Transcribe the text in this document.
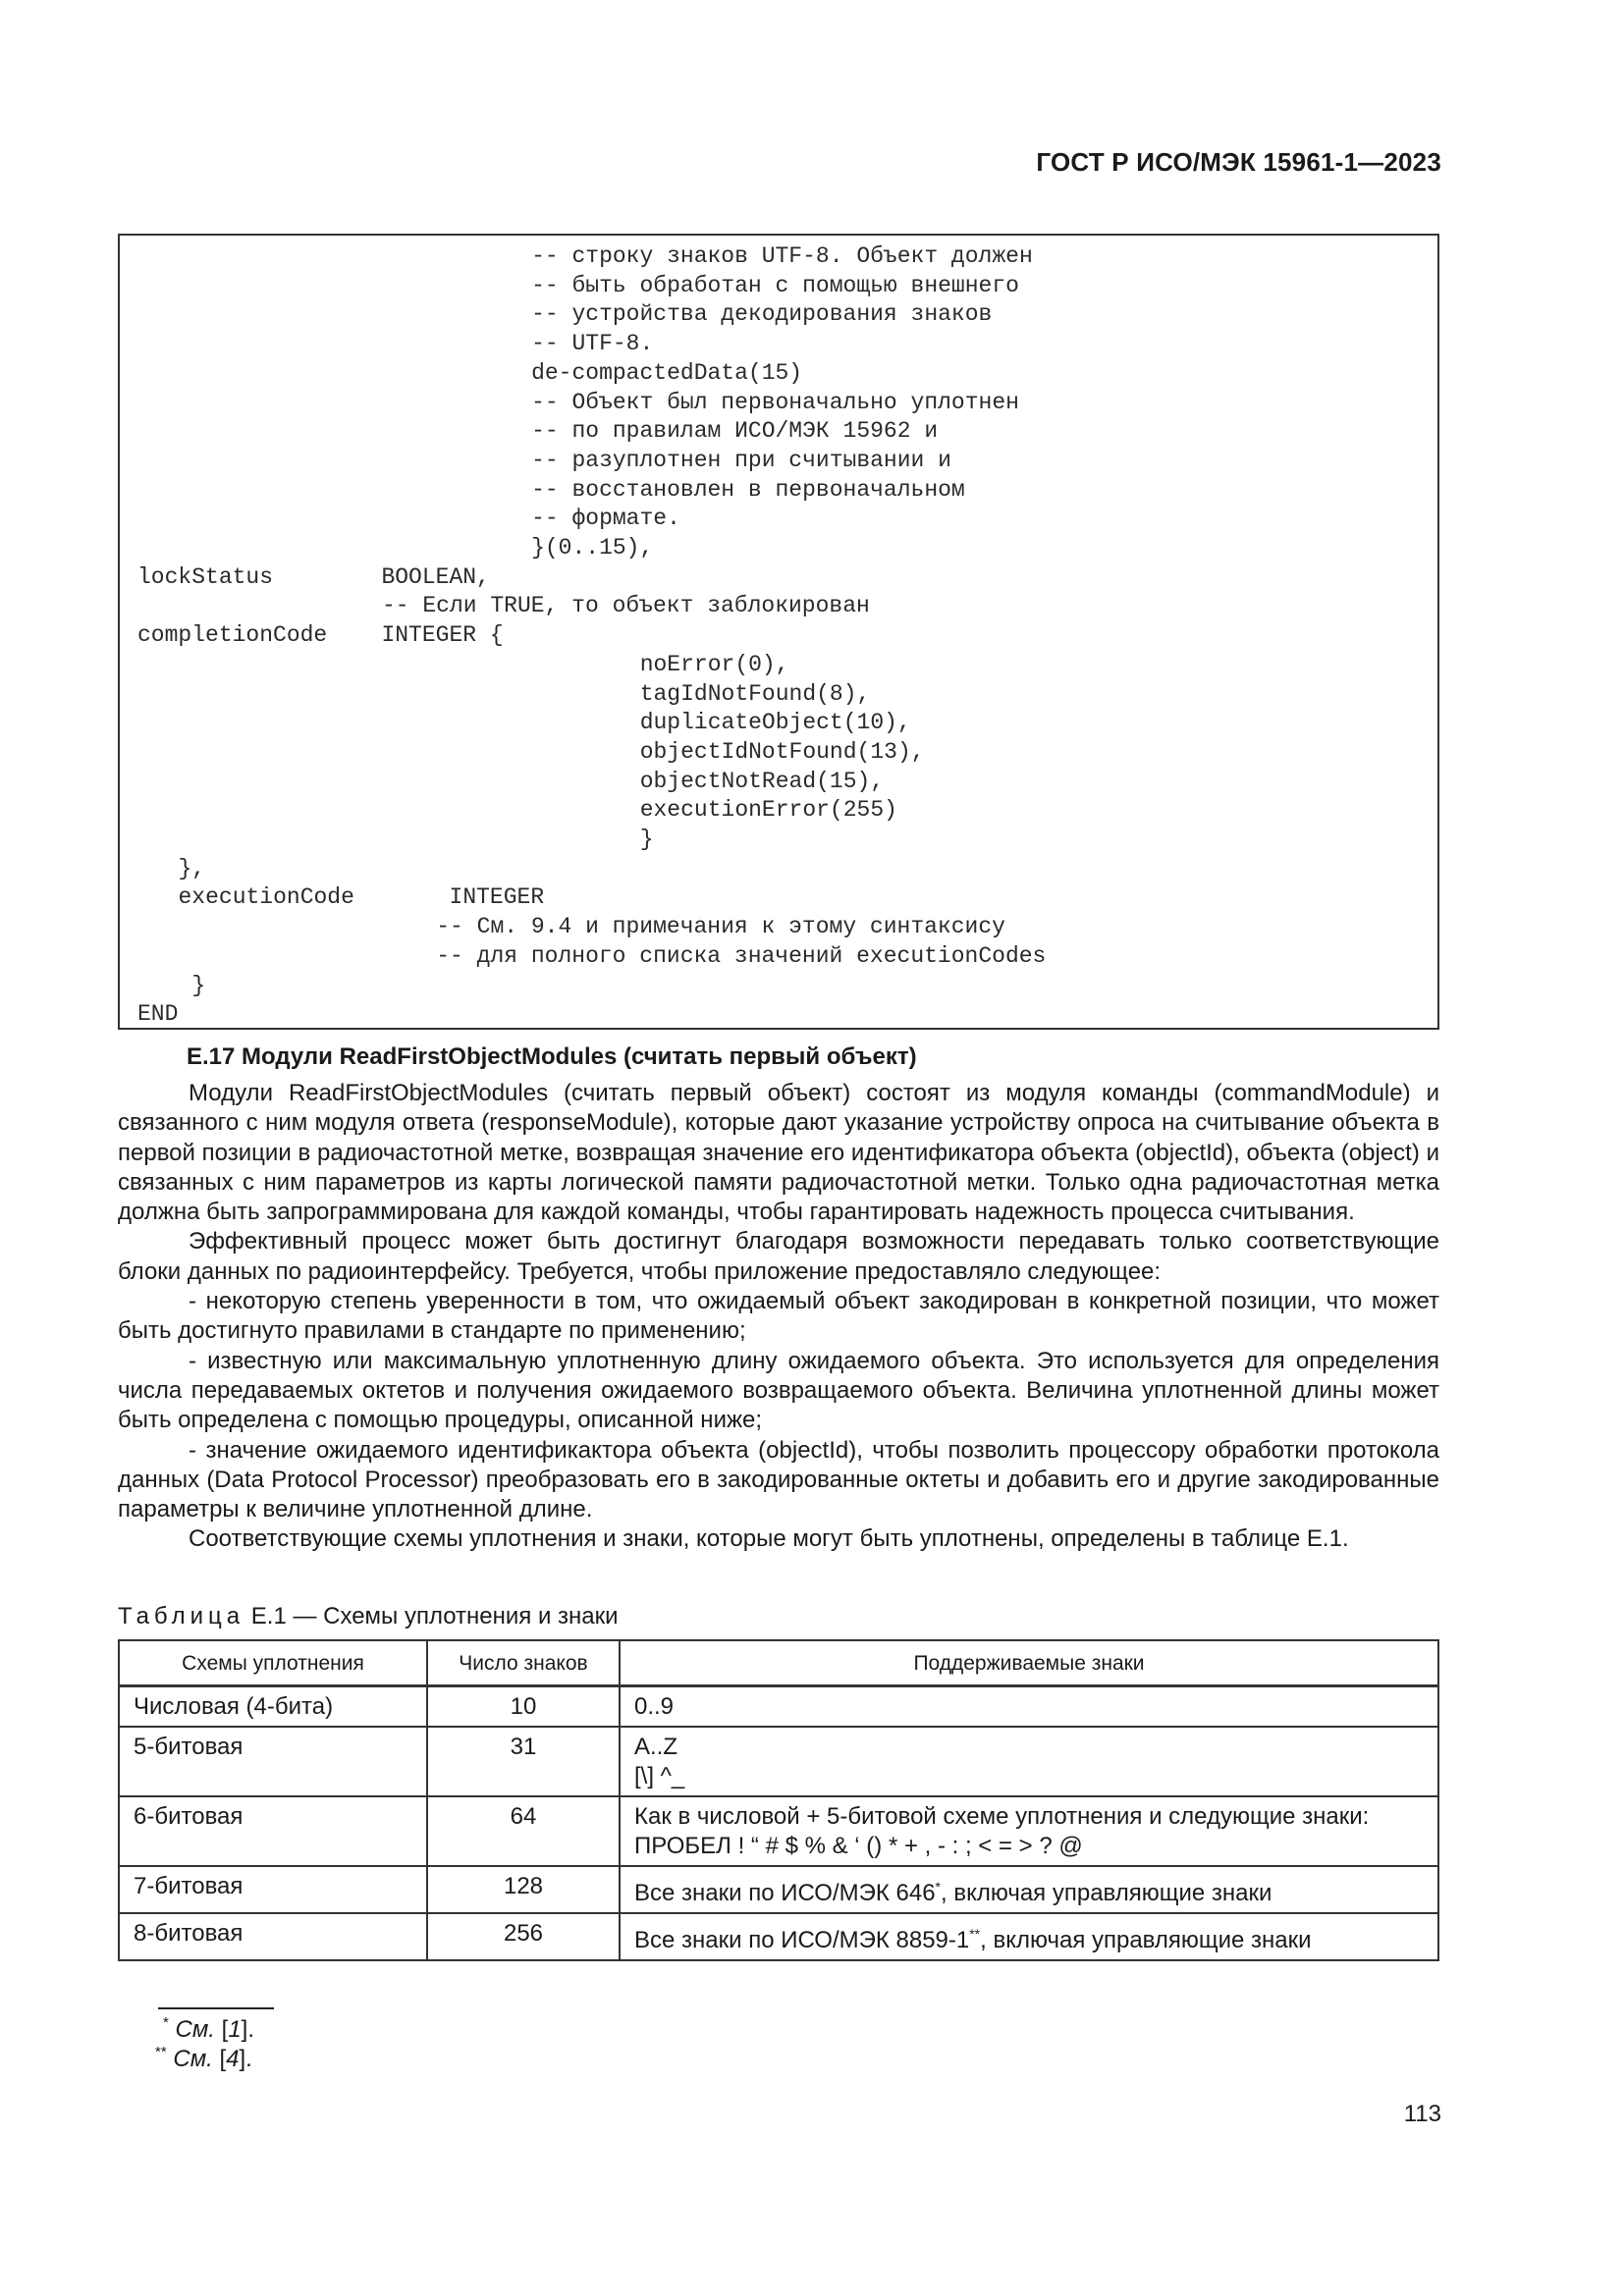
ГОСТ Р ИСО/МЭК 15961-1—2023
-- строку знаков UTF-8. Объект должен
-- быть обработан с помощью внешнего
-- устройства декодирования знаков
-- UTF-8.
de-compactedData(15)
-- Объект был первоначально уплотнен
-- по правилам ИСО/МЭК 15962 и
-- разуплотнен при считывании и
-- восстановлен в первоначальном
-- формате.
}(0..15),
lockStatus        BOOLEAN,
-- Если TRUE, то объект заблокирован
completionCode    INTEGER {
noError(0),
tagIdNotFound(8),
duplicateObject(10),
objectIdNotFound(13),
objectNotRead(15),
executionError(255)
}
},
executionCode       INTEGER
-- См. 9.4 и примечания к этому синтаксису
-- для полного списка значений executionCodes
}
END
Е.17 Модули ReadFirstObjectModules (считать первый объект)

Модули ReadFirstObjectModules (считать первый объект) состоят из модуля команды (commandModule) и связанного с ним модуля ответа (responseModule), которые дают указание устройству опроса на считывание объекта в первой позиции в радиочастотной метке, возвращая значение его идентификатора объекта (objectId), объекта (object) и связанных с ним параметров из карты логической памяти радиочастотной метки. Только одна радиочастотная метка должна быть запрограммирована для каждой команды, чтобы гарантировать надежность процесса считывания.

Эффективный процесс может быть достигнут благодаря возможности передавать только соответствующие блоки данных по радиоинтерфейсу. Требуется, чтобы приложение предоставляло следующее:

- некоторую степень уверенности в том, что ожидаемый объект закодирован в конкретной позиции, что может быть достигнуто правилами в стандарте по применению;

- известную или максимальную уплотненную длину ожидаемого объекта. Это используется для определения числа передаваемых октетов и получения ожидаемого возвращаемого объекта. Величина уплотненной длины может быть определена с помощью процедуры, описанной ниже;

- значение ожидаемого идентификактора объекта (objectId), чтобы позволить процессору обработки протокола данных (Data Protocol Processor) преобразовать его в закодированные октеты и добавить его и другие закодированные параметры к величине уплотненной длине.

Соответствующие схемы уплотнения и знаки, которые могут быть уплотнены, определены в таблице Е.1.

Таблица Е.1 — Схемы уплотнения и знаки
Схемы уплотнения	Число знаков	Поддерживаемые знаки
Числовая (4-бита)	10	0..9
5-битовая	31	A..Z
[\] ^_

6-битовая	64	Как в числовой + 5-битовой схеме уплотнения и следующие знаки:
ПРОБЕЛ ! “ # $ % & ‘ () * + , - : ; < = > ? @

7-битовая	128	Все знаки по ИСО/МЭК 646*, включая управляющие знаки
8-битовая	256	Все знаки по ИСО/МЭК 8859-1**, включая управляющие знаки
* См. [1].
** См. [4].
113
